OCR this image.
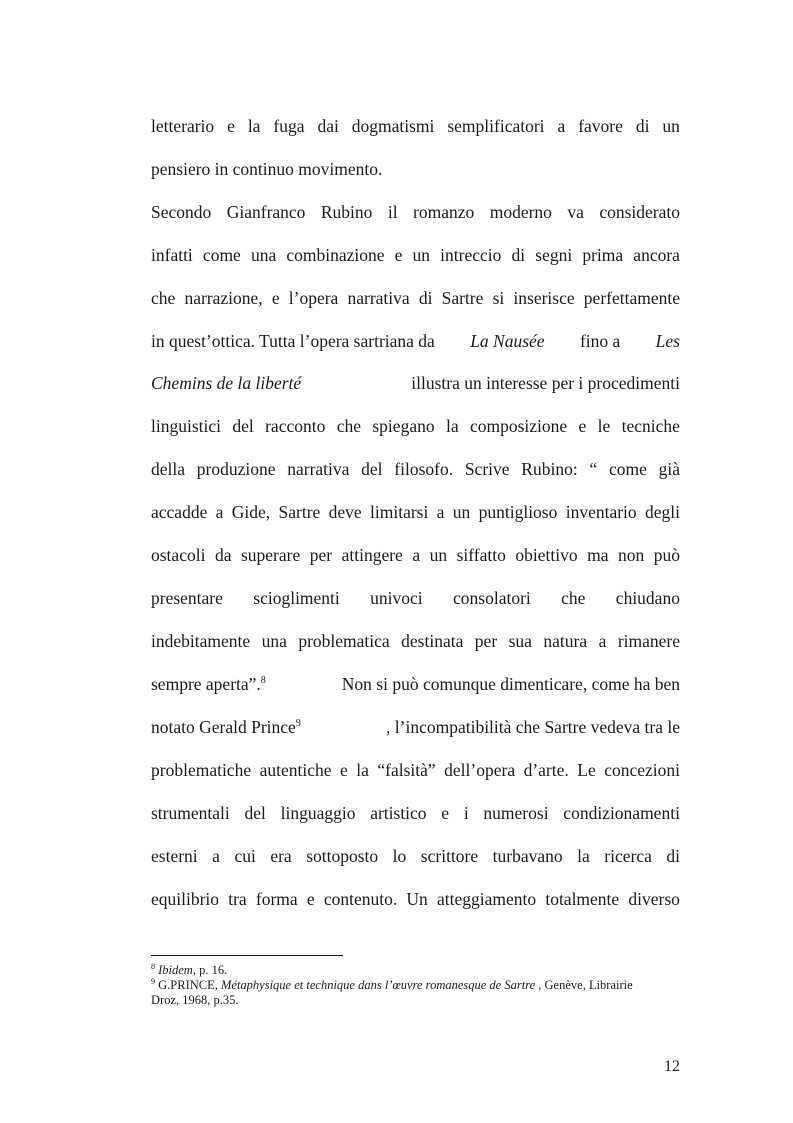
letterario e la fuga dai dogmatismi semplificatori a favore di un
pensiero in continuo movimento.
Secondo Gianfranco Rubino il romanzo moderno va considerato
infatti come una combinazione e un intreccio di segni prima ancora
che narrazione, e l’opera narrativa di Sartre si inserisce perfettamente
in quest’ottica. Tutta l’opera sartriana da La Nausée fino a Les
Chemins de la liberté	illustra un interesse per i procedimenti
linguistici del racconto che spiegano la composizione e le tecniche
della produzione narrativa del filosofo. Scrive Rubino: “ come già
accadde a Gide, Sartre deve limitarsi a un puntiglioso inventario degli
ostacoli da superare per attingere a un siffatto obiettivo ma non può
presentare scioglimenti univoci consolatori che chiudano
indebitamente una problematica destinata per sua natura a rimanere
sempre aperta”.$^8$	Non si può comunque dimenticare, come ha ben
notato Gerald Prince$^9$	, l’incompatibilità che Sartre vedeva tra le
problematiche autentiche e la “falsità” dell’opera d’arte. Le concezioni
strumentali del linguaggio artistico e i numerosi condizionamenti
esterni a cui era sottoposto lo scrittore turbavano la ricerca di
equilibrio tra forma e contenuto. Un atteggiamento totalmente diverso
$^8$ Ibidem, p. 16.
$^9$ G.PRINCE, Métaphysique et technique dans l’œuvre romanesque de Sartre , Genève, Librairie
Droz, 1968, p.35.
12
